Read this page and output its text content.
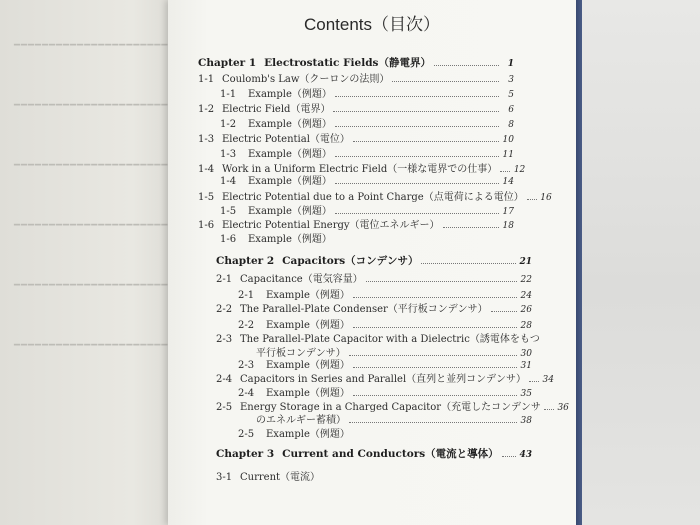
━━━━━━━━━━━━━━━━━━━━━━
━━━━━━━━━━━━━━━━━━━━━━
━━━━━━━━━━━━━━━━━━━━━━
━━━━━━━━━━━━━━━━━━━━━━
━━━━━━━━━━━━━━━━━━━━━━
━━━━━━━━━━━━━━━━━━━━━━
Contents（目次）
Chapter 1 Electrostatic Fields（静電界）	1
1-1 Coulomb's Law（クーロンの法則）	3
1-1	Example（例題）	5
1-2 Electric Field（電界）	6
1-2	Example（例題）	8
1-3 Electric Potential（電位）	10
1-3	Example（例題）	11
1-4 Work in a Uniform Electric Field（一様な電界での仕事） 12
1-4	Example（例題）	14
1-5 Electric Potential due to a Point Charge（点電荷による電位） 16
1-5	Example（例題）	17
1-6 Electric Potential Energy（電位エネルギー）	18
1-6	Example（例題）
Chapter 2 Capacitors（コンデンサ）	21
2-1 Capacitance（電気容量）	22
2-1	Example（例題）	24
2-2 The Parallel-Plate Condenser（平行板コンデンサ）	26
2-2	Example（例題）	28
2-3 The Parallel-Plate Capacitor with a Dielectric（誘電体をもつ
平行板コンデンサ）	30
2-3	Example（例題）	31
2-4 Capacitors in Series and Parallel（直列と並列コンデンサ） 34
2-4	Example（例題）	35
2-5 Energy Storage in a Charged Capacitor（充電したコンデンサ 36
のエネルギー蓄積）	38
2-5	Example（例題）
Chapter 3 Current and Conductors（電流と導体） 43
3-1 Current（電流）
